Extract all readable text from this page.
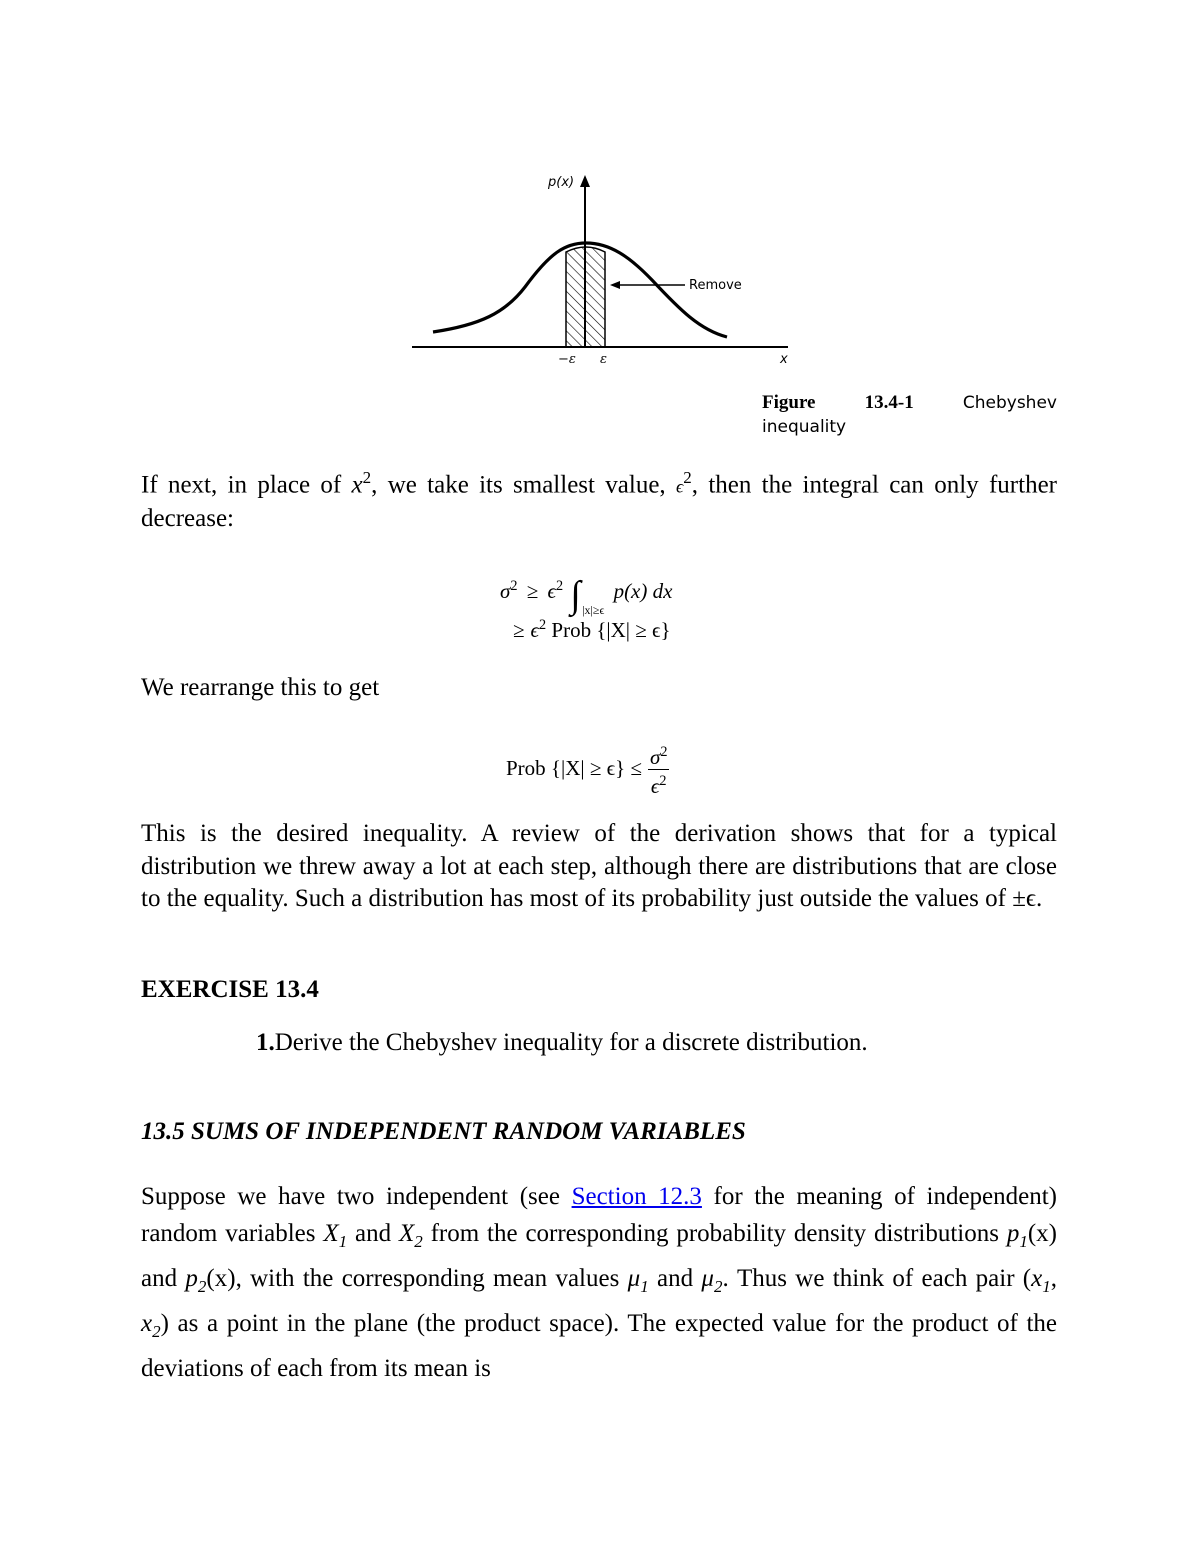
Remove
p(x)
x
−ε ε
Figure	13.4-1	Chebyshev
inequality
If next, in place of $x^2$, we take its smallest value, $\epsilon^2$, then the integral can only further decrease:
$\sigma^2 \ge \epsilon^2$ ∫ $_{|x|\ge\epsilon}$ p(x) dx
≥ $\epsilon^2$ Prob {|X| ≥ ϵ}
We rearrange this to get
Prob $\{|X| \ge \epsilon\} \le \frac{\sigma^2}{\epsilon^2}$
This is the desired inequality. A review of the derivation shows that for a typical distribution we threw away a lot at each step, although there are distributions that are close to the equality. Such a distribution has most of its probability just outside the values of ±ϵ.
EXERCISE 13.4
1.Derive the Chebyshev inequality for a discrete distribution.
13.5 SUMS OF INDEPENDENT RANDOM VARIABLES
Suppose we have two independent (see Section 12.3 for the meaning of independent) random variables $X_1$ and $X_2$ from the corresponding probability density distributions $p_1(x)$ and $p_2(x)$, with the corresponding mean values $\mu_1$ and $\mu_2$. Thus we think of each pair ($x_1$, $x_2$) as a point in the plane (the product space). The expected value for the product of the deviations of each from its mean is
